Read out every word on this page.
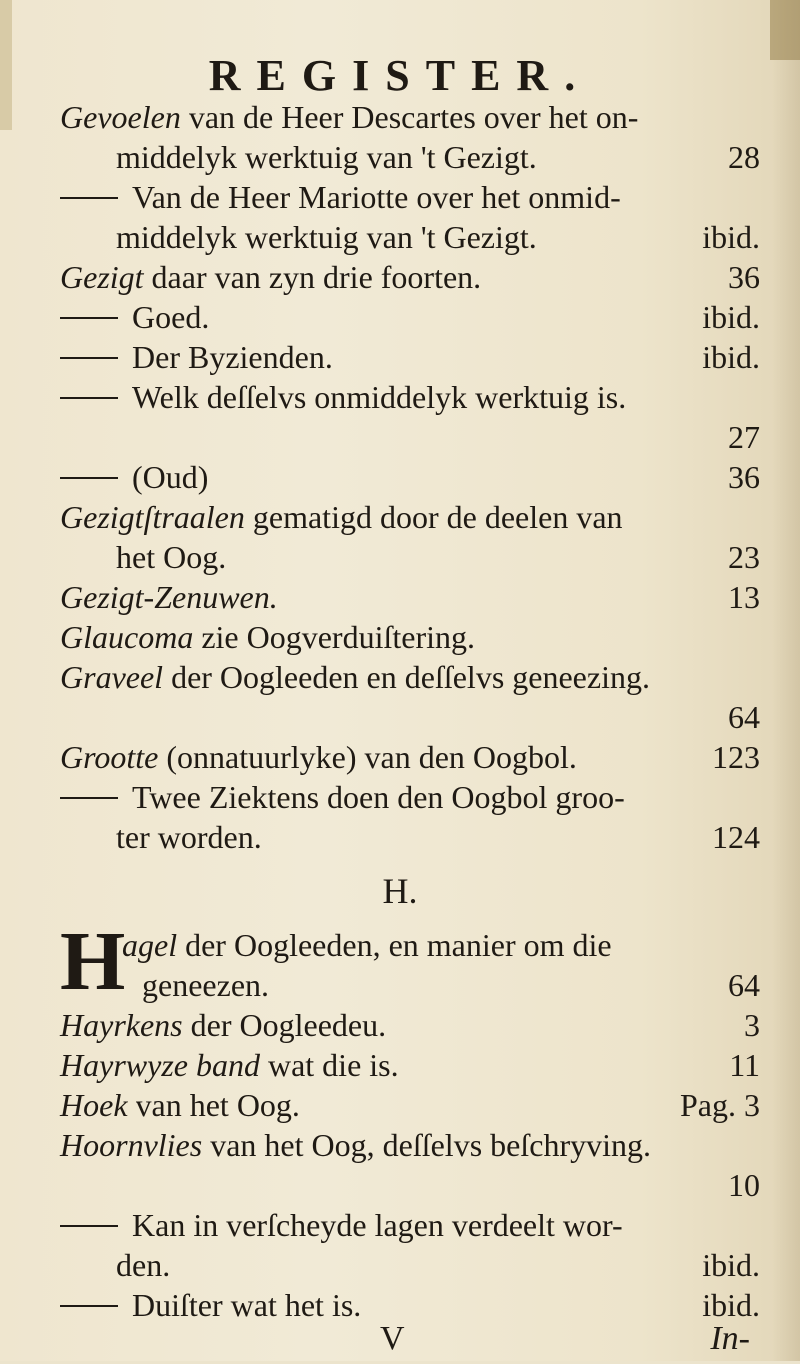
REGISTER.
Gevoelen
van de Heer Descartes over het on-
middelyk werktuig van 't Gezigt.	28
Van de Heer Mariotte over het onmid-
middelyk werktuig van 't Gezigt.	ibid.
Gezigt
daar van zyn drie foorten.	36
Goed.	ibid.
Der Byzienden.	ibid.
Welk deſſelvs onmiddelyk werktuig is.
27
(Oud)	36
Gezigtſtraalen
gematigd door de deelen van
het Oog.	23
Gezigt-Zenuwen.	13
Glaucoma
zie Oogverduiſtering.
Graveel
der Oogleeden en deſſelvs geneezing.
64
Grootte
(onnatuurlyke) van den Oogbol.	123
Twee Ziektens doen den Oogbol groo-
ter worden.	124
H.
H
agel
der Oogleeden, en manier om die
geneezen.	64
Hayrkens
der Oogleedeu.	3
Hayrwyze band
wat die is.	11
Hoek
van het Oog.	Pag. 3
Hoornvlies
van het Oog, deſſelvs beſchryving.
10
Kan in verſcheyde lagen verdeelt wor-
den.	ibid.
Duiſter wat het is.	ibid.
V	In-
